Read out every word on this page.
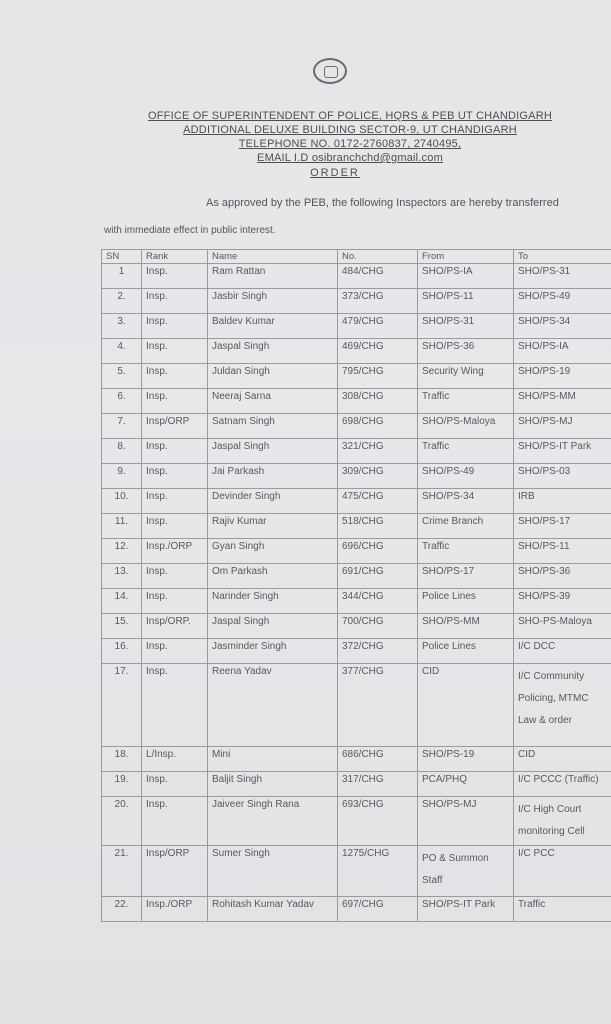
OFFICE OF SUPERINTENDENT OF POLICE, HQRS & PEB UT CHANDIGARH
ADDITIONAL DELUXE BUILDING SECTOR-9, UT CHANDIGARH
TELEPHONE NO. 0172-2760837, 2740495,
EMAIL I.D osibranchchd@gmail.com
ORDER
As approved by the PEB, the following Inspectors are hereby transferred
with immediate effect in public interest.
SN	Rank	Name	No.	From	To
1	Insp.	Ram Rattan	484/CHG	SHO/PS-IA	SHO/PS-31
2.	Insp.	Jasbir Singh	373/CHG	SHO/PS-11	SHO/PS-49
3.	Insp.	Baldev Kumar	479/CHG	SHO/PS-31	SHO/PS-34
4.	Insp.	Jaspal Singh	469/CHG	SHO/PS-36	SHO/PS-IA
5.	Insp.	Juldan Singh	795/CHG	Security Wing	SHO/PS-19
6.	Insp.	Neeraj Sarna	308/CHG	Traffic	SHO/PS-MM
7.	Insp/ORP	Satnam Singh	698/CHG	SHO/PS-Maloya	SHO/PS-MJ
8.	Insp.	Jaspal Singh	321/CHG	Traffic	SHO/PS-IT Park
9.	Insp.	Jai Parkash	309/CHG	SHO/PS-49	SHO/PS-03
10.	Insp.	Devinder Singh	475/CHG	SHO/PS-34	IRB
11.	Insp.	Rajiv Kumar	518/CHG	Crime Branch	SHO/PS-17
12.	Insp./ORP	Gyan Singh	696/CHG	Traffic	SHO/PS-11
13.	Insp.	Om Parkash	691/CHG	SHO/PS-17	SHO/PS-36
14.	Insp.	Narinder Singh	344/CHG	Police Lines	SHO/PS-39
15.	Insp/ORP.	Jaspal Singh	700/CHG	SHO/PS-MM	SHO-PS-Maloya
16.	Insp.	Jasminder Singh	372/CHG	Police Lines	I/C DCC
17.	Insp.	Reena Yadav	377/CHG	CID	I/C Community Policing, MTMC Law & order
18.	L/Insp.	Mini	686/CHG	SHO/PS-19	CID
19.	Insp.	Baljit Singh	317/CHG	PCA/PHQ	I/C PCCC (Traffic)
20.	Insp.	Jaiveer Singh Rana	693/CHG	SHO/PS-MJ	I/C High Court monitoring Cell
21.	Insp/ORP	Sumer Singh	1275/CHG	PO & Summon Staff	I/C PCC
22.	Insp./ORP	Rohitash Kumar Yadav	697/CHG	SHO/PS-IT Park	Traffic
